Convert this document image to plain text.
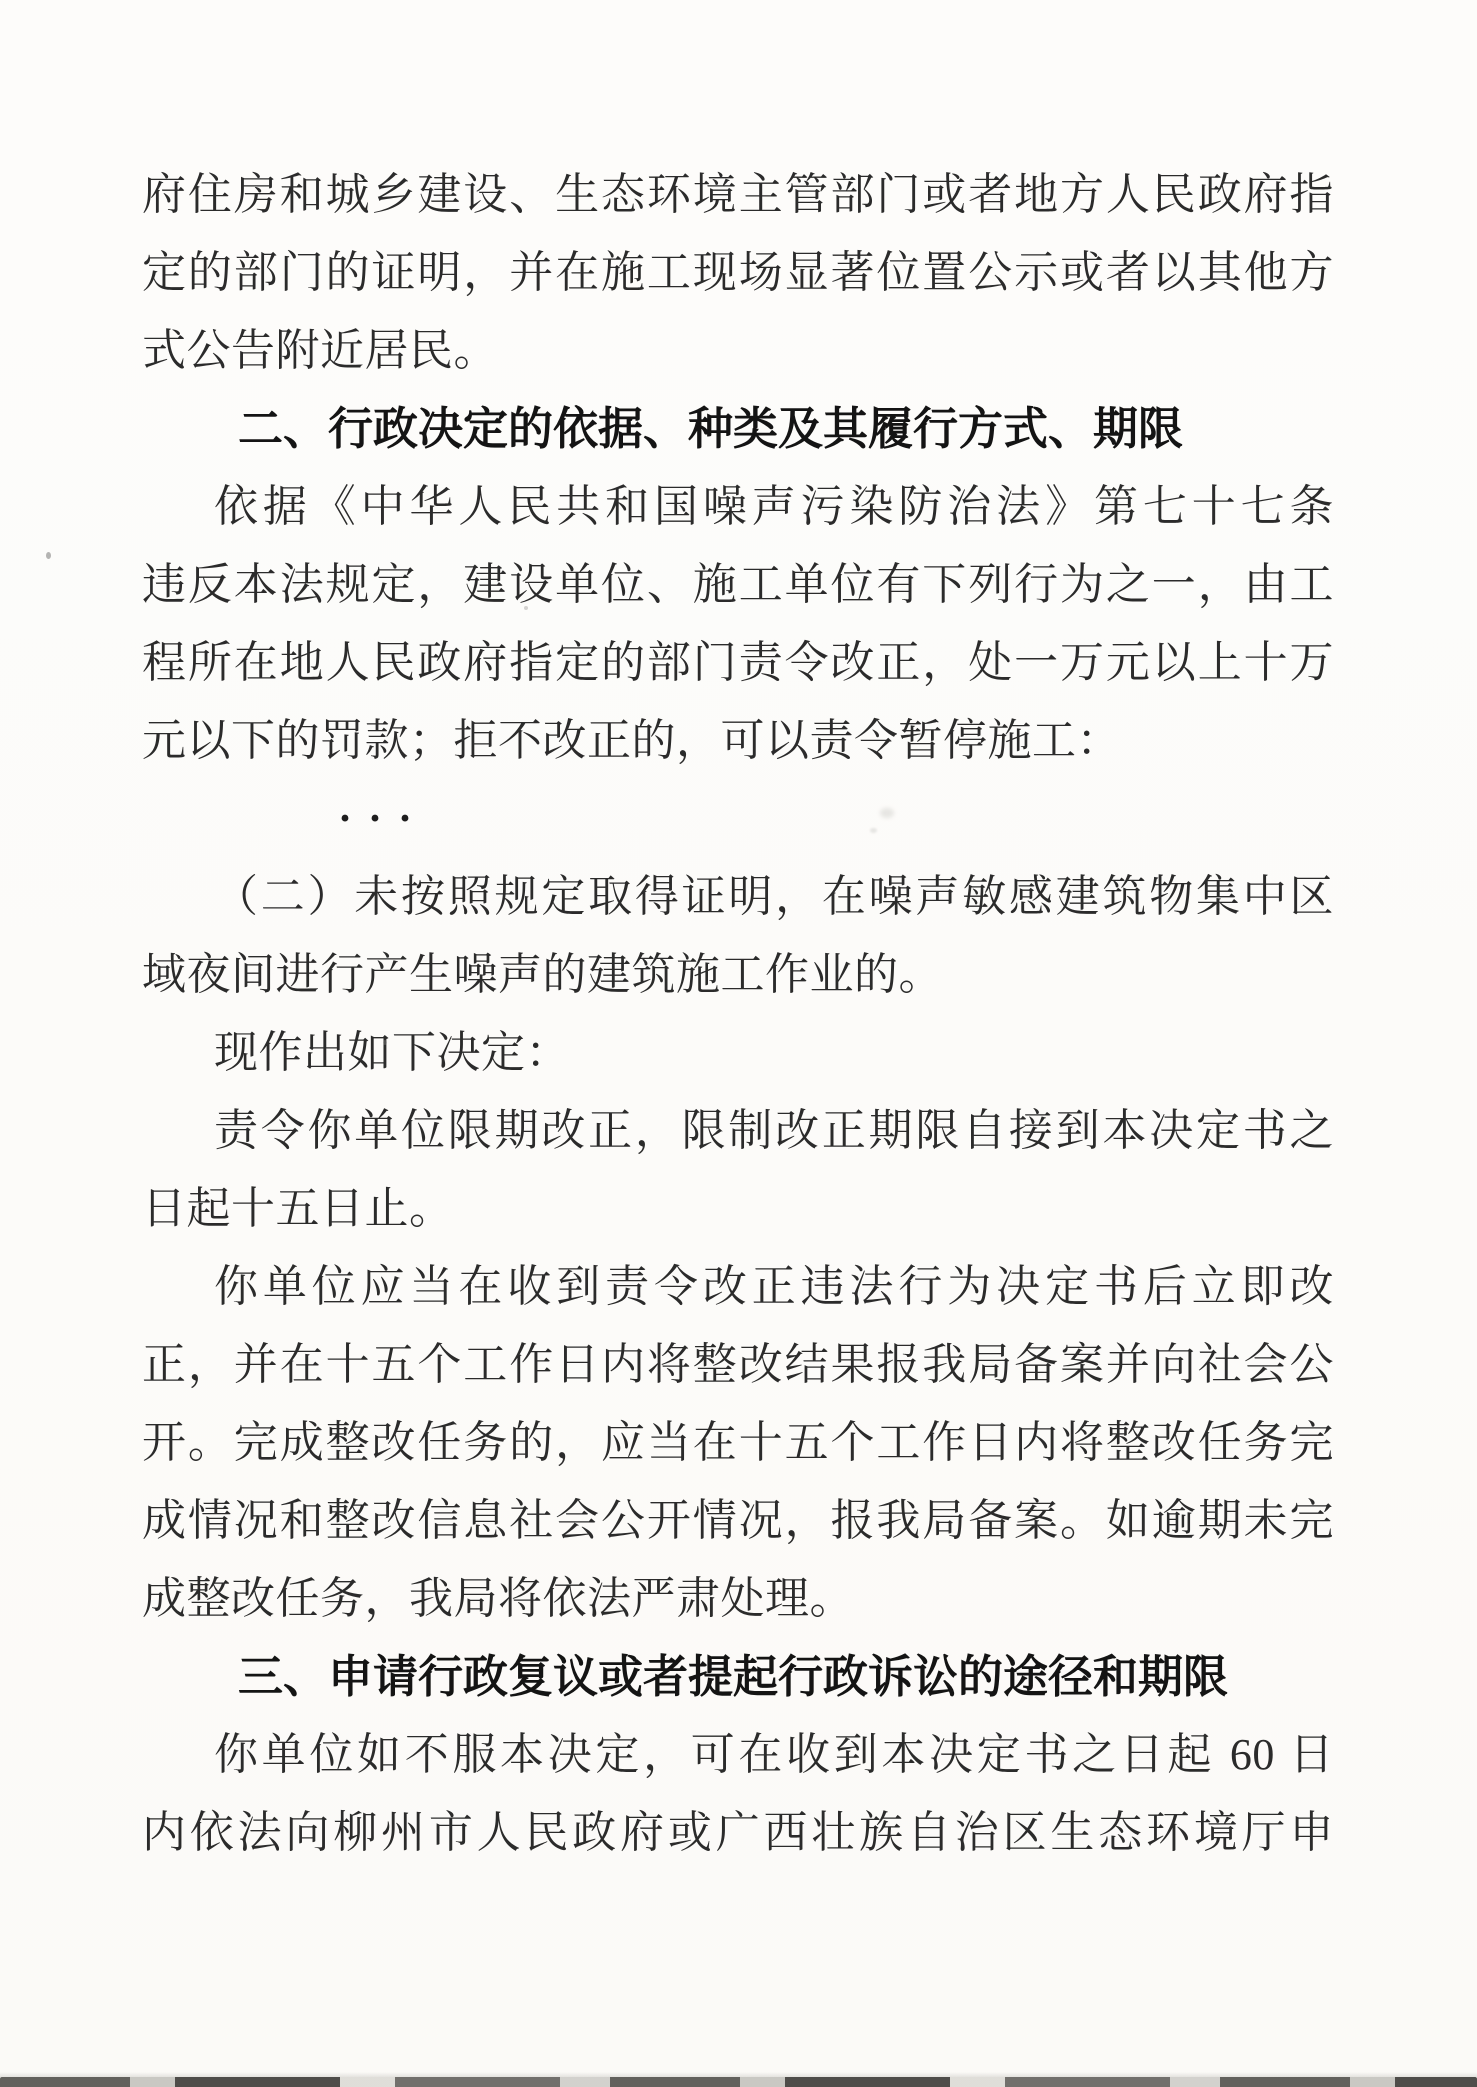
府住房和城乡建设、生态环境主管部门或者地方人民政府指
定的部门的证明，并在施工现场显著位置公示或者以其他方
式公告附近居民。
二、行政决定的依据、种类及其履行方式、期限
依据《中华人民共和国噪声污染防治法》第七十七条
违反本法规定，建设单位、施工单位有下列行为之一，由工
程所在地人民政府指定的部门责令改正，处一万元以上十万
元以下的罚款；拒不改正的，可以责令暂停施工：
···
（二）未按照规定取得证明，在噪声敏感建筑物集中区
域夜间进行产生噪声的建筑施工作业的。
现作出如下决定：
责令你单位限期改正，限制改正期限自接到本决定书之
日起十五日止。
你单位应当在收到责令改正违法行为决定书后立即改
正，并在十五个工作日内将整改结果报我局备案并向社会公
开。完成整改任务的，应当在十五个工作日内将整改任务完
成情况和整改信息社会公开情况，报我局备案。如逾期未完
成整改任务，我局将依法严肃处理。
三、申请行政复议或者提起行政诉讼的途径和期限
你单位如不服本决定，可在收到本决定书之日起 60 日
内依法向柳州市人民政府或广西壮族自治区生态环境厅申
